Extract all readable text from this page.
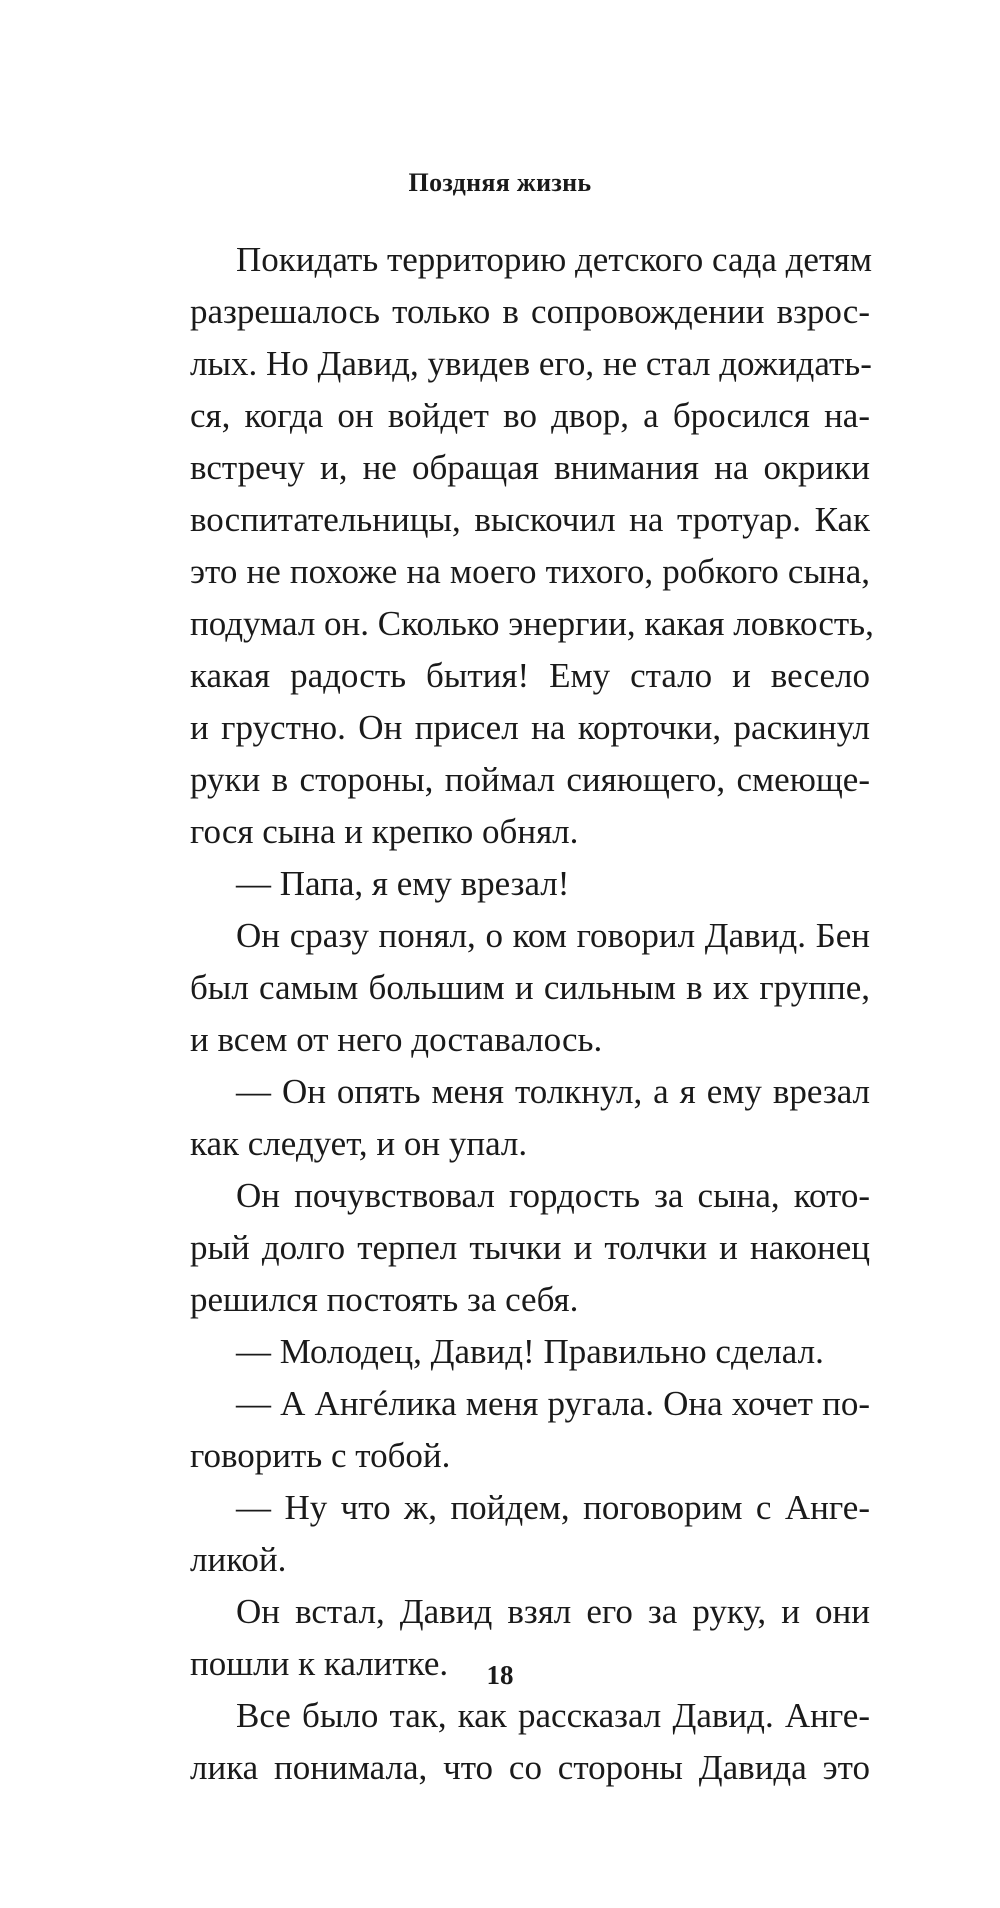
Поздняя жизнь
Покидать территорию детского сада детям
разрешалось только в сопровождении взрос-
лых. Но Давид, увидев его, не стал дожидать-
ся, когда он войдет во двор, а бросился на-
встречу и, не обращая внимания на окрики
воспитательницы, выскочил на тротуар. Как
это не похоже на моего тихого, робкого сына,
подумал он. Сколько энергии, какая ловкость,
какая радость бытия! Ему стало и весело
и грустно. Он присел на корточки, раскинул
руки в стороны, поймал сияющего, смеюще-
гося сына и крепко обнял.
— Папа, я ему врезал!
Он сразу понял, о ком говорил Давид. Бен
был самым большим и сильным в их группе,
и всем от него доставалось.
— Он опять меня толкнул, а я ему врезал
как следует, и он упал.
Он почувствовал гордость за сына, кото-
рый долго терпел тычки и толчки и наконец
решился постоять за себя.
— Молодец, Давид! Правильно сделал.
— А Ангéлика меня ругала. Она хочет по-
говорить с тобой.
— Ну что ж, пойдем, поговорим с Анге-
ликой.
Он встал, Давид взял его за руку, и они
пошли к калитке.
Все было так, как рассказал Давид. Анге-
лика понимала, что со стороны Давида это
18
